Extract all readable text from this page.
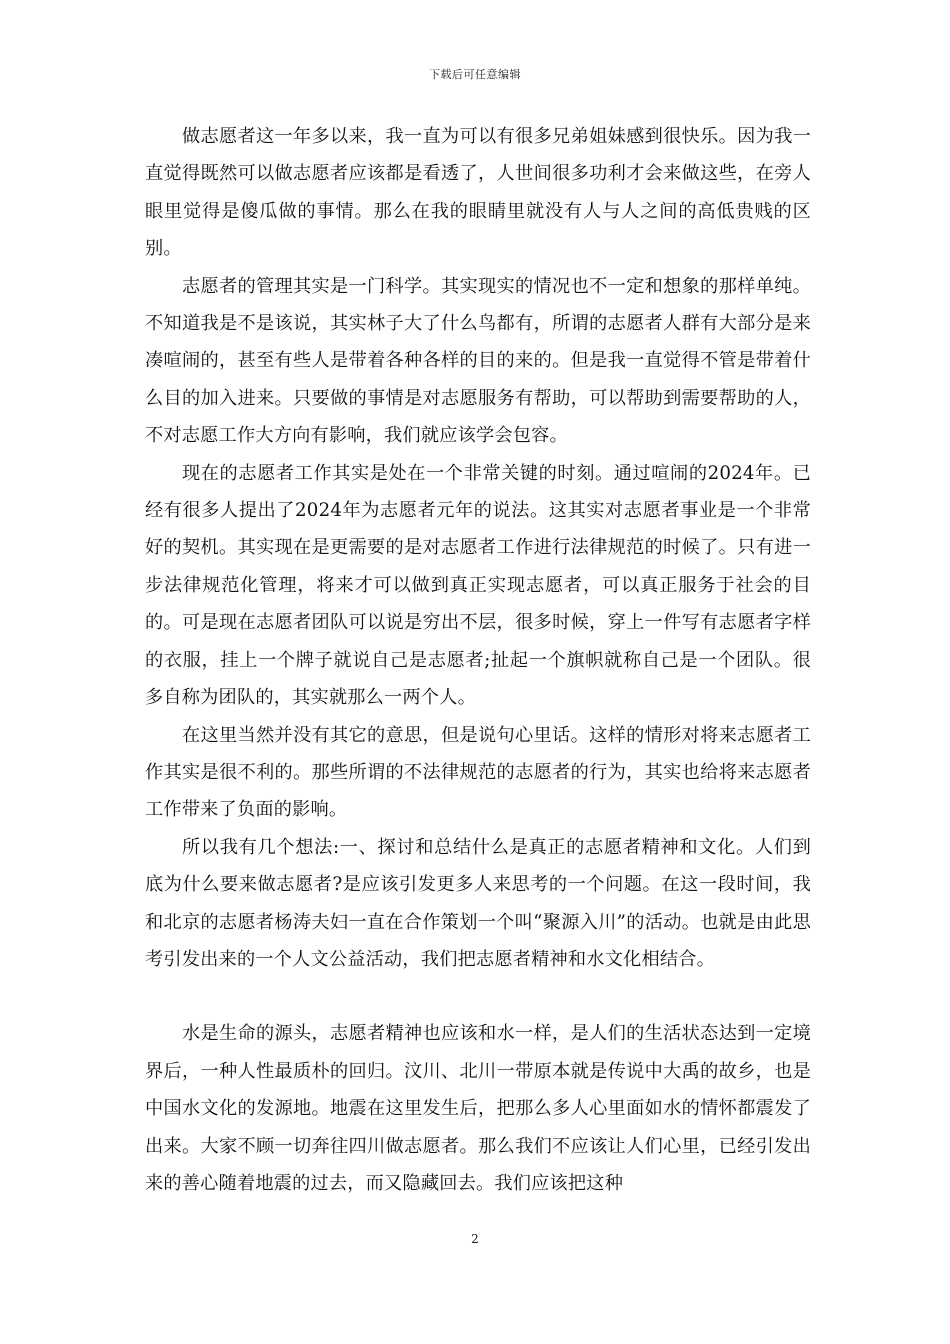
下载后可任意编辑

做志愿者这一年多以来，我一直为可以有很多兄弟姐妹感到很快乐。因为我一直觉得既然可以做志愿者应该都是看透了，人世间很多功利才会来做这些，在旁人眼里觉得是傻瓜做的事情。那么在我的眼睛里就没有人与人之间的高低贵贱的区别。

志愿者的管理其实是一门科学。其实现实的情况也不一定和想象的那样单纯。不知道我是不是该说，其实林子大了什么鸟都有，所谓的志愿者人群有大部分是来凑喧闹的，甚至有些人是带着各种各样的目的来的。但是我一直觉得不管是带着什么目的加入进来。只要做的事情是对志愿服务有帮助，可以帮助到需要帮助的人，不对志愿工作大方向有影响，我们就应该学会包容。

现在的志愿者工作其实是处在一个非常关键的时刻。通过喧闹的2024年。已经有很多人提出了2024年为志愿者元年的说法。这其实对志愿者事业是一个非常好的契机。其实现在是更需要的是对志愿者工作进行法律规范的时候了。只有进一步法律规范化管理，将来才可以做到真正实现志愿者，可以真正服务于社会的目的。可是现在志愿者团队可以说是穷出不层，很多时候，穿上一件写有志愿者字样的衣服，挂上一个牌子就说自己是志愿者;扯起一个旗帜就称自己是一个团队。很多自称为团队的，其实就那么一两个人。

在这里当然并没有其它的意思，但是说句心里话。这样的情形对将来志愿者工作其实是很不利的。那些所谓的不法律规范的志愿者的行为，其实也给将来志愿者工作带来了负面的影响。

所以我有几个想法:一、探讨和总结什么是真正的志愿者精神和文化。人们到底为什么要来做志愿者?是应该引发更多人来思考的一个问题。在这一段时间，我和北京的志愿者杨涛夫妇一直在合作策划一个叫“聚源入川”的活动。也就是由此思考引发出来的一个人文公益活动，我们把志愿者精神和水文化相结合。

水是生命的源头，志愿者精神也应该和水一样，是人们的生活状态达到一定境界后，一种人性最质朴的回归。汶川、北川一带原本就是传说中大禹的故乡，也是中国水文化的发源地。地震在这里发生后，把那么多人心里面如水的情怀都震发了出来。大家不顾一切奔往四川做志愿者。那么我们不应该让人们心里，已经引发出来的善心随着地震的过去，而又隐藏回去。我们应该把这种

2
